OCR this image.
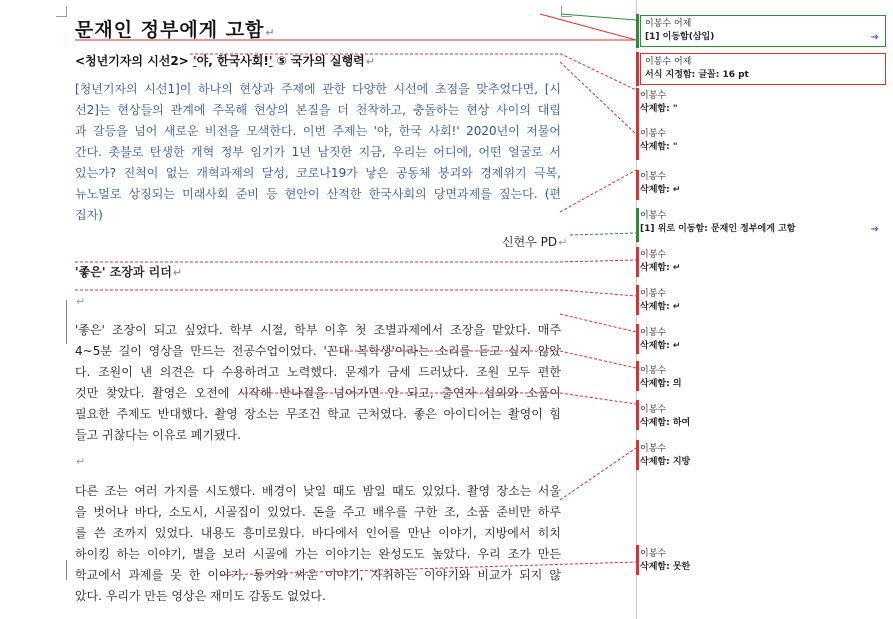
문재인 정부에게 고함↵
<청년기자의 시선2> '야, 한국사회!' ⑤ 국가의 실행력↵
[청년기자의 시선1]이 하나의 현상과 주제에 관한 다양한 시선에 초점을 맞추었다면, [시
선2]는 현상들의 관계에 주목해 현상의 본질을 더 천착하고, 충돌하는 현상 사이의 대립
과 갈등을 넘어 새로운 비전을 모색한다. 이번 주제는 '야, 한국 사회!' 2020년이 저물어
간다. 촛불로 탄생한 개혁 정부 임기가 1년 남짓한 지금, 우리는 어디에, 어떤 얼굴로 서
있는가? 진척이 없는 개혁과제의 달성, 코로나19가 낳은 공동체 붕괴와 경제위기 극복,
뉴노멀로 상징되는 미래사회 준비 등 현안이 산적한 한국사회의 당면과제를 짚는다. (편
집자)
신현우 PD↵
'좋은' 조장과 리더↵
↵
'좋은' 조장이 되고 싶었다. 학부 시절, 학부 이후 첫 조별과제에서 조장을 맡았다. 매주
4~5분 길이 영상을 만드는 전공수업이었다. '꼰대 복학생'이라는 소리를 듣고 싶지 않았
다. 조원이 낸 의견은 다 수용하려고 노력했다. 문제가 금세 드러났다. 조원 모두 편한
것만 찾았다. 촬영은 오전에 시작해 반나절을 넘어가면 안 되고, 출연자 섭외와 소품이
필요한 주제도 반대했다. 촬영 장소는 무조건 학교 근처였다. 좋은 아이디어는 촬영이 힘
들고 귀찮다는 이유로 폐기됐다.
↵
다른 조는 여러 가지를 시도했다. 배경이 낮일 때도 밤일 때도 있었다. 촬영 장소는 서울
을 벗어나 바다, 소도시, 시골집이 있었다. 돈을 주고 배우를 구한 조, 소품 준비만 하루
를 쓴 조까지 있었다. 내용도 흥미로웠다. 바다에서 인어를 만난 이야기, 지방에서 히치
하이킹 하는 이야기, 별을 보러 시골에 가는 이야기는 완성도도 높았다. 우리 조가 만든
학교에서 과제를 못 한 이야기, 동기와 싸운 이야기, 자취하는 이야기와 비교가 되지 않
았다. 우리가 만든 영상은 재미도 감동도 없었다.
이봉수 어제
[1] 이동함(삼입)	➔
이봉수 어제
서식 지정함: 글꼴: 16 pt
이봉수
삭제함: "
이봉수
삭제함: "
이봉수
삭제함: ↵
이봉수
[1] 위로 이동함: 문재인 정부에게 고함	➔
이봉수
삭제함: ↵
이봉수
삭제함: ↵
이봉수
삭제함: ↵
이봉수
삭제함: 의
이봉수
삭제함: 하여
이봉수
삭제함: 지방
이봉수
삭제함: 못한
